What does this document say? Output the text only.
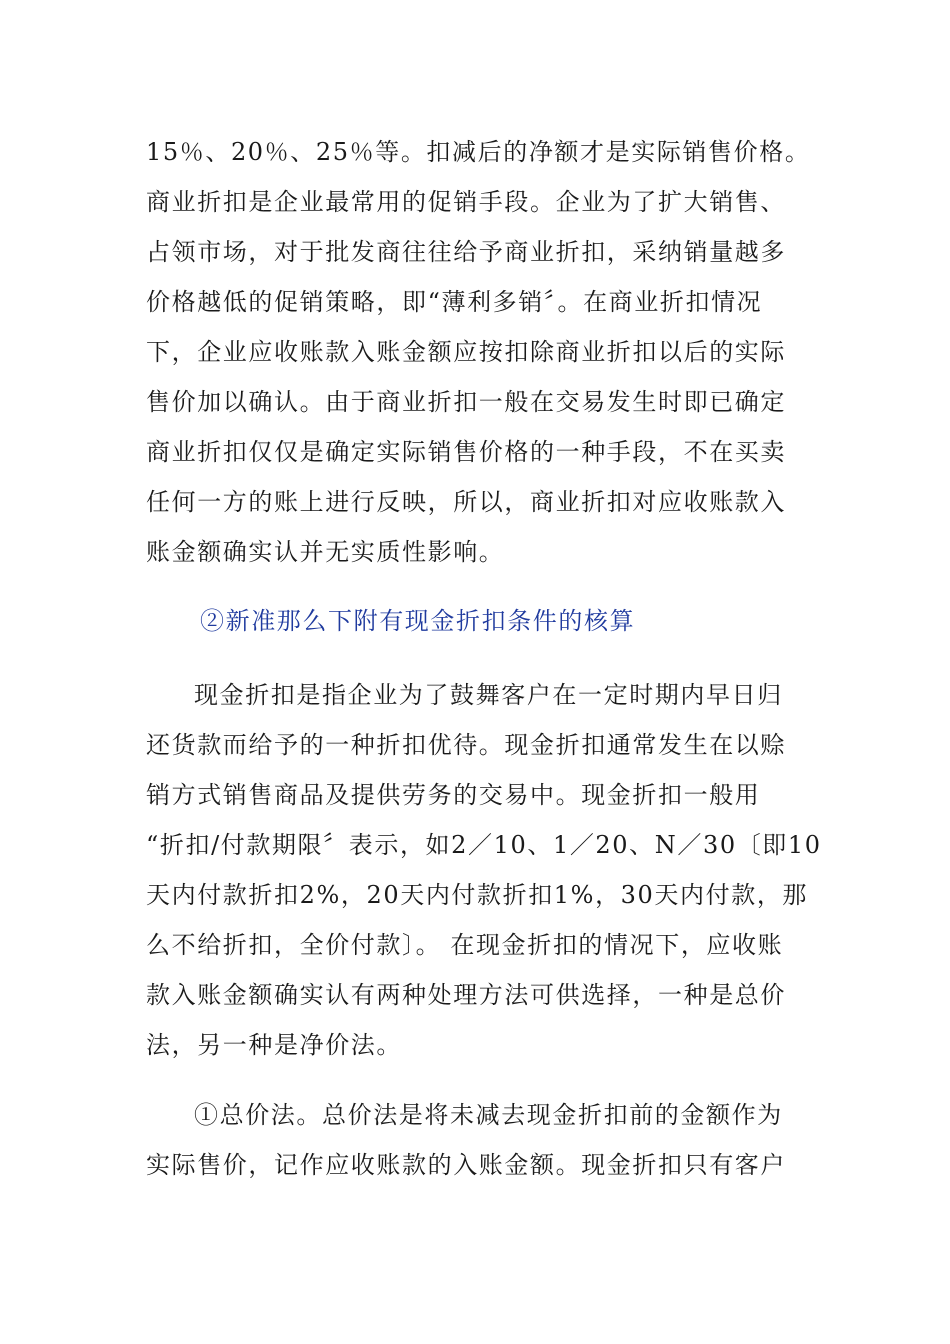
15％、20％、25％等。扣减后的净额才是实际销售价格。
商业折扣是企业最常用的促销手段。企业为了扩大销售、
占领市场，对于批发商往往给予商业折扣，采纳销量越多
价格越低的促销策略，即“薄利多销〞。在商业折扣情况
下，企业应收账款入账金额应按扣除商业折扣以后的实际
售价加以确认。由于商业折扣一般在交易发生时即已确定
商业折扣仅仅是确定实际销售价格的一种手段，不在买卖
任何一方的账上进行反映，所以，商业折扣对应收账款入
账金额确实认并无实质性影响。
②新准那么下附有现金折扣条件的核算
现金折扣是指企业为了鼓舞客户在一定时期内早日归
还货款而给予的一种折扣优待。现金折扣通常发生在以赊
销方式销售商品及提供劳务的交易中。现金折扣一般用
“折扣/付款期限〞表示，如2／10、1／20、N／30〔即10
天内付款折扣2%，20天内付款折扣1%，30天内付款，那
么不给折扣，全价付款〕。 在现金折扣的情况下，应收账
款入账金额确实认有两种处理方法可供选择，一种是总价
法，另一种是净价法。
①总价法。总价法是将未减去现金折扣前的金额作为
实际售价，记作应收账款的入账金额。现金折扣只有客户
